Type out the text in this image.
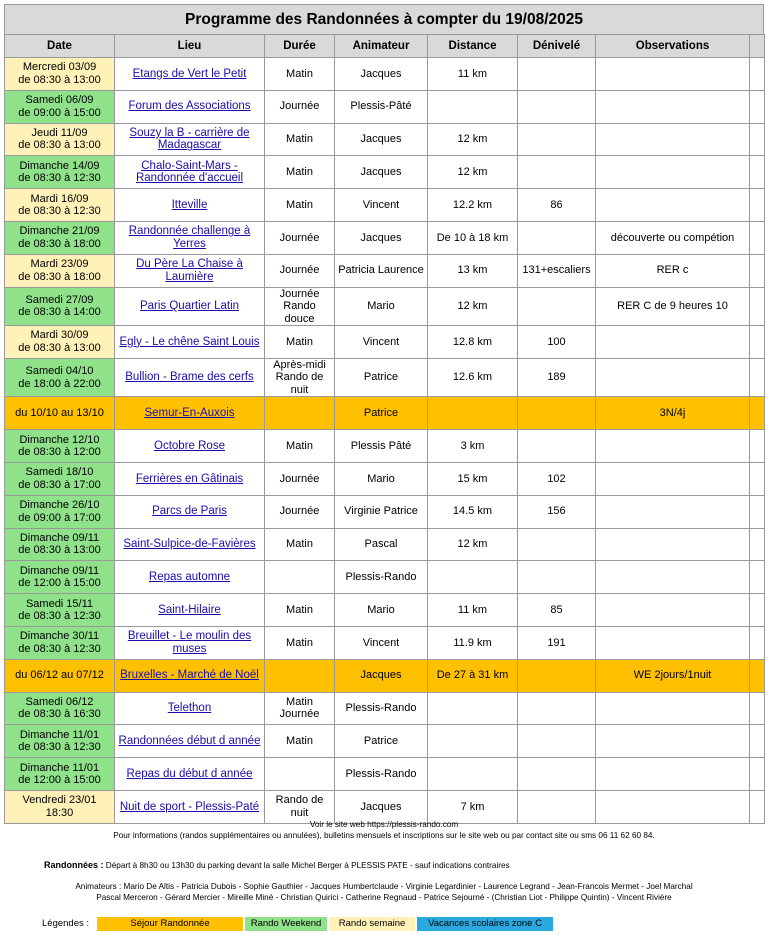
Programme des Randonnées à compter du 19/08/2025
Date	Lieu	Durée	Animateur	Distance	Dénivelé	Observations	
Mercredi 03/09
de 08:30 à 13:00	Etangs de Vert le Petit	Matin	Jacques	11 km			
Samedi 06/09
de 09:00 à 15:00	Forum des Associations	Journée	Plessis-Pâté				
Jeudi 11/09
de 08:30 à 13:00	Souzy la B - carrière de Madagascar	Matin	Jacques	12 km			
Dimanche 14/09
de 08:30 à 12:30	Chalo-Saint-Mars - Randonnée d'accueil	Matin	Jacques	12 km			
Mardi 16/09
de 08:30 à 12:30	Itteville	Matin	Vincent	12.2 km	86		
Dimanche 21/09
de 08:30 à 18:00	Randonnée challenge à Yerres	Journée	Jacques	De 10 à 18 km		découverte ou compétion	
Mardi 23/09
de 08:30 à 18:00	Du Père La Chaise à Laumière	Journée	Patricia Laurence	13 km	131+escaliers	RER c	
Samedi 27/09
de 08:30 à 14:00	Paris Quartier Latin	Journée Rando douce	Mario	12 km		RER C de 9 heures 10	
Mardi 30/09
de 08:30 à 13:00	Egly - Le chêne Saint Louis	Matin	Vincent	12.8 km	100		
Samedi 04/10
de 18:00 à 22:00	Bullion - Brame des cerfs	Après-midi Rando de nuit	Patrice	12.6 km	189		
du 10/10 au 13/10	Semur-En-Auxois		Patrice			3N/4j	
Dimanche 12/10
de 08:30 à 12:00	Octobre Rose	Matin	Plessis Pâté	3 km			
Samedi 18/10
de 08:30 à 17:00	Ferrières en Gâtinais	Journée	Mario	15 km	102		
Dimanche 26/10
de 09:00 à 17:00	Parcs de Paris	Journée	Virginie Patrice	14.5 km	156		
Dimanche 09/11
de 08:30 à 13:00	Saint-Sulpice-de-Favières	Matin	Pascal	12 km			
Dimanche 09/11
de 12:00 à 15:00	Repas automne		Plessis-Rando				
Samedi 15/11
de 08:30 à 12:30	Saint-Hilaire	Matin	Mario	11 km	85		
Dimanche 30/11
de 08:30 à 12:30	Breuillet - Le moulin des muses	Matin	Vincent	11.9 km	191		
du 06/12 au 07/12	Bruxelles - Marché de Noël		Jacques	De 27 à 31 km		WE 2jours/1nuit	
Samedi 06/12
de 08:30 à 16:30	Telethon	Matin Journée	Plessis-Rando				
Dimanche 11/01
de 08:30 à 12:30	Randonnées début d année	Matin	Patrice				
Dimanche 11/01
de 12:00 à 15:00	Repas du début d année		Plessis-Rando				
Vendredi 23/01
18:30	Nuit de sport - Plessis-Paté	Rando de nuit	Jacques	7 km			
Voir le site web https://plessis-rando.com
Pour informations (randos supplémentaires ou annulées), bulletins mensuels et inscriptions sur le site web ou par contact site ou sms 06 11 62 60 84.
Randonnées : Départ à 8h30 ou 13h30 du parking devant la salle Michel Berger à PLESSIS PATE - sauf indications contraires
Animateurs : Mario De Altis - Patricia Dubois - Sophie Gauthier - Jacques Humbertclaude - Virginie Legardinier - Laurence Legrand - Jean-Francois Mermet - Joel Marchal
Pascal Merceron - Gérard Mercier - Mireille Miné - Christian Quirici - Catherine Regnaud - Patrice Sejourné - (Christian Liot - Philippe Quintin) - Vincent Rivière
Légendes :	Séjour Randonnée	Rando Weekend	Rando semaine	Vacances scolaires zone C
